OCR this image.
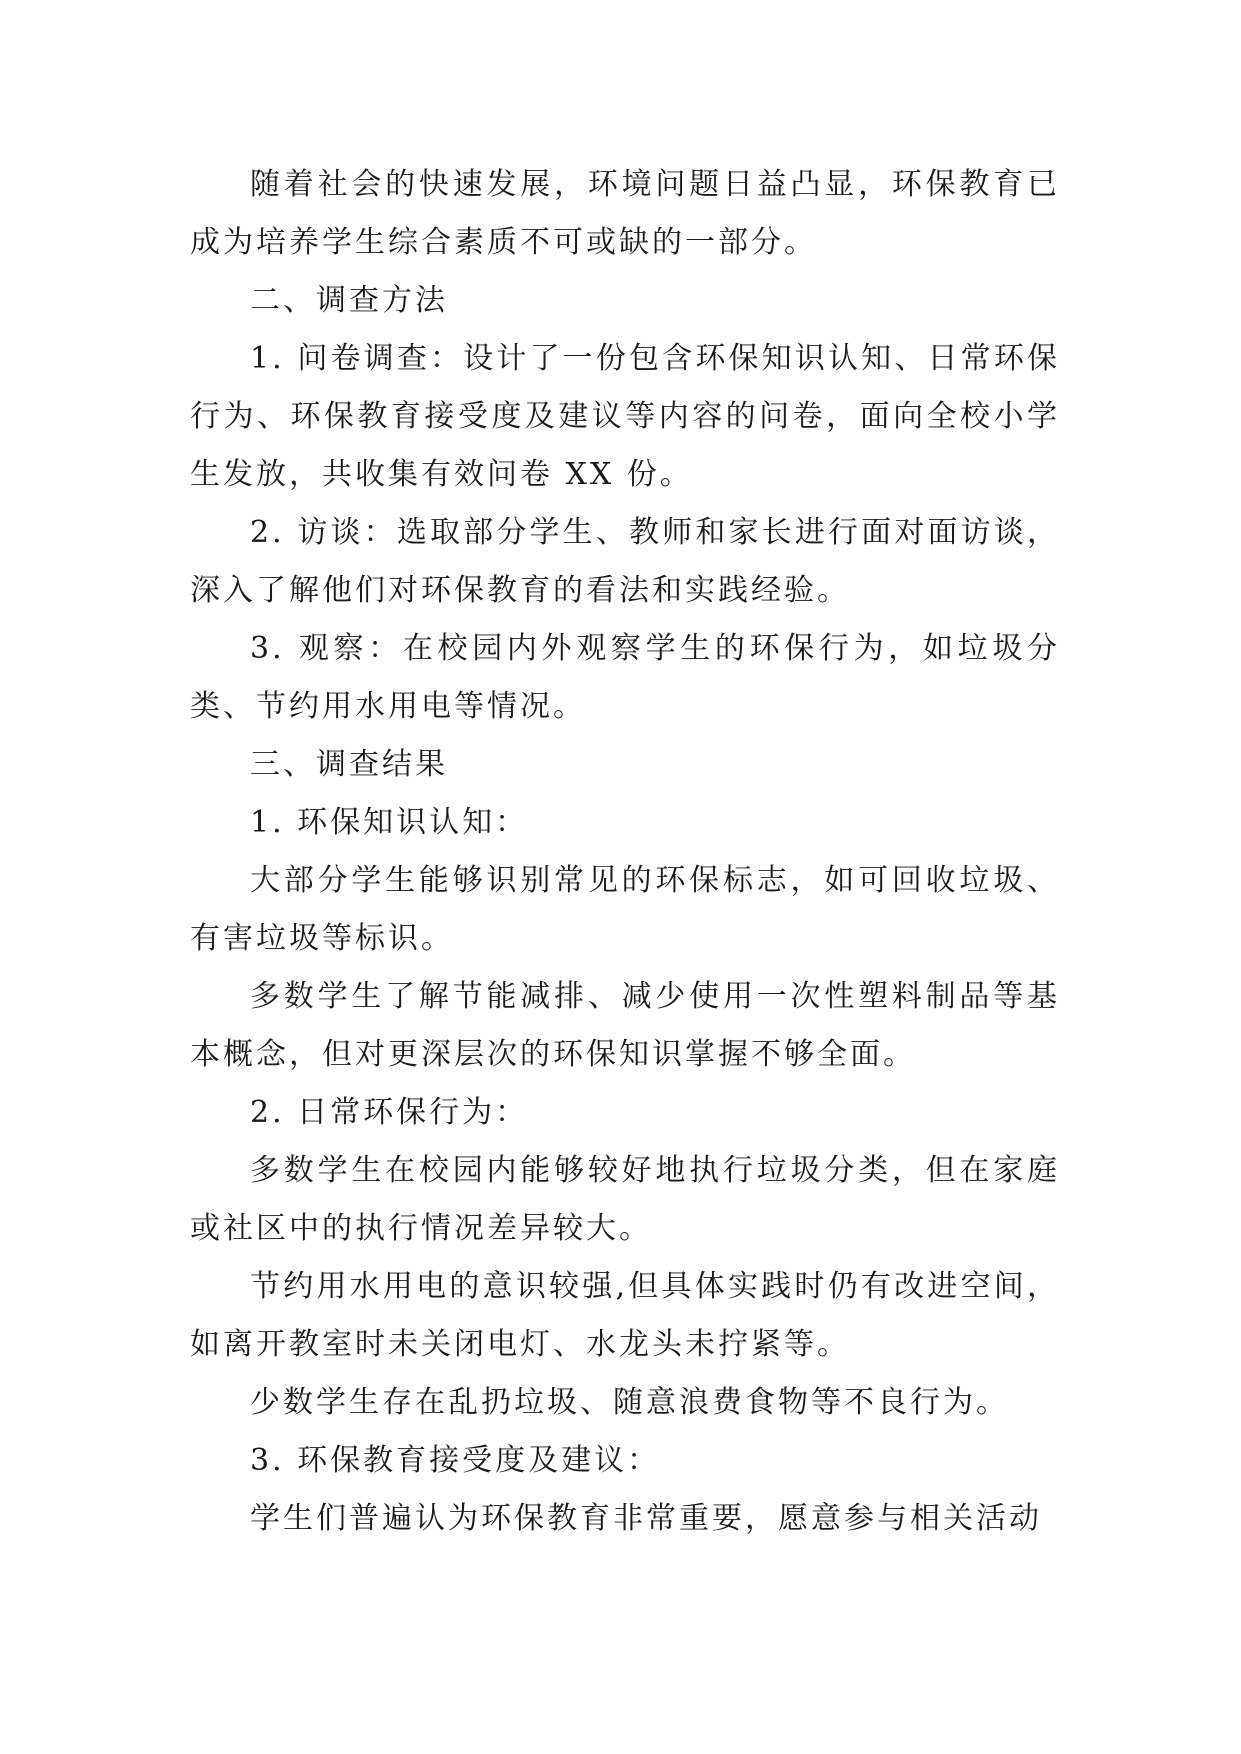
随着社会的快速发展，环境问题日益凸显，环保教育已成为培养学生综合素质不可或缺的一部分。

二、调查方法

1. 问卷调查：设计了一份包含环保知识认知、日常环保行为、环保教育接受度及建议等内容的问卷，面向全校小学生发放，共收集有效问卷 XX 份。

2. 访谈：选取部分学生、教师和家长进行面对面访谈，深入了解他们对环保教育的看法和实践经验。

3. 观察：在校园内外观察学生的环保行为，如垃圾分类、节约用水用电等情况。

三、调查结果

1. 环保知识认知：

大部分学生能够识别常见的环保标志，如可回收垃圾、有害垃圾等标识。

多数学生了解节能减排、减少使用一次性塑料制品等基本概念，但对更深层次的环保知识掌握不够全面。

2. 日常环保行为：

多数学生在校园内能够较好地执行垃圾分类，但在家庭或社区中的执行情况差异较大。

节约用水用电的意识较强,但具体实践时仍有改进空间，如离开教室时未关闭电灯、水龙头未拧紧等。

少数学生存在乱扔垃圾、随意浪费食物等不良行为。

3. 环保教育接受度及建议：

学生们普遍认为环保教育非常重要，愿意参与相关活动
